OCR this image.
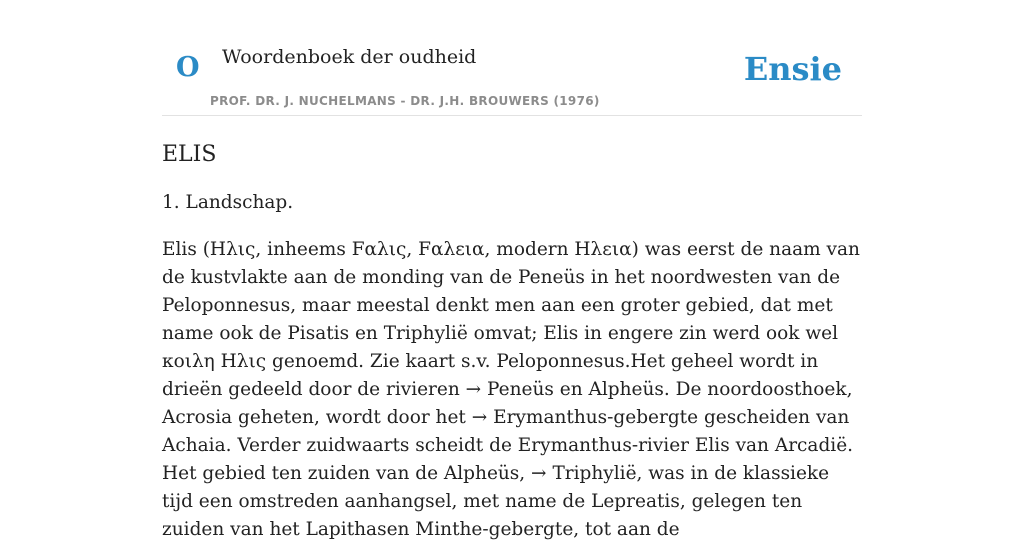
O Woordenboek der oudheid
PROF. DR. J. NUCHELMANS - DR. J.H. BROUWERS (1976)
Ensie
ELIS

1. Landschap.

Elis (Ηλις, inheems Fαλις, Fαλεια, modern Ηλεια) was eerst de naam van de kustvlakte aan de monding van de Peneüs in het noordwesten van de Peloponnesus, maar meestal denkt men aan een groter gebied, dat met name ook de Pisatis en Triphylië omvat; Elis in engere zin werd ook wel κοιλη Ηλις genoemd. Zie kaart s.v. Peloponnesus.Het geheel wordt in drieën gedeeld door de rivieren → Peneüs en Alpheüs. De noordoosthoek, Acrosia geheten, wordt door het → Erymanthus-gebergte gescheiden van Achaia. Verder zuidwaarts scheidt de Erymanthus-rivier Elis van Arcadië. Het gebied ten zuiden van de Alpheüs, → Triphylië, was in de klassieke tijd een omstreden aanhangsel, met name de Lepreatis, gelegen ten zuiden van het Lapithasen Minthe-gebergte, tot aan de
